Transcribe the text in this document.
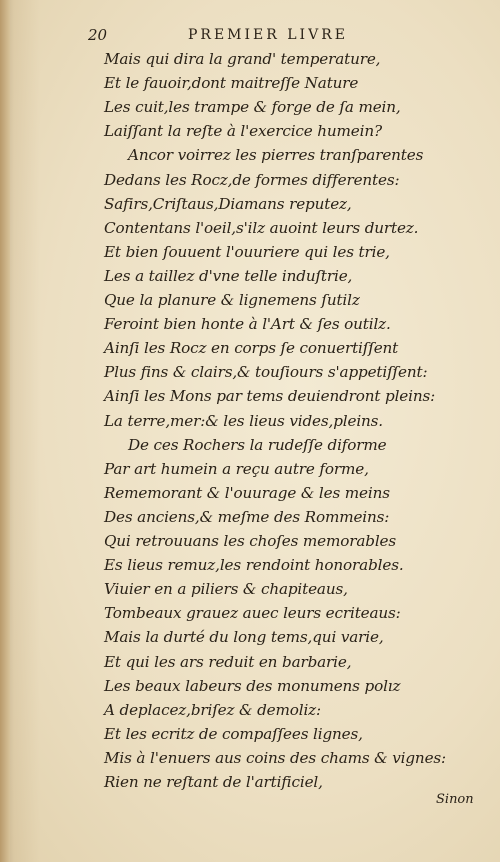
20	PREMIER LIVRE
Mais qui dira la grand' temperature,
Et le fauoir,dont maitreſſe Nature
Les cuit,les trampe & forge de ſa mein,
Laiſſant la reſte à l'exercice humein?
Ancor voirrez les pierres tranſparentes
Dedans les Rocz,de formes differentes:
Safirs,Criſtaus,Diamans reputez,
Contentans l'oeil,s'ilz auoint leurs durtez.
Et bien ſouuent l'ouuriere qui les trie,
Les a taillez d'vne telle induſtrie,
Que la planure & lignemens ſutilz
Feroint bien honte à l'Art & ſes outilz.
Ainſi les Rocz en corps ſe conuertiſſent
Plus fins & clairs,& touſiours s'appetiſſent:
Ainſi les Mons par tems deuiendront pleins:
La terre,mer:& les lieus vides,pleins.
De ces Rochers la rudeſſe diforme
Par art humein a reçu autre forme,
Rememorant & l'ouurage & les meins
Des anciens,& meſme des Rommeins:
Qui retrouuans les choſes memorables
Es lieus remuz,les rendoint honorables.
Viuier en a piliers & chapiteaus,
Tombeaux grauez auec leurs ecriteaus:
Mais la durté du long tems,qui varie,
Et qui les ars reduit en barbarie,
Les beaux labeurs des monumens polız
A deplacez,briſez & demoliz:
Et les ecritz de compaſſees lignes,
Mis à l'enuers aus coins des chams & vignes:
Rien ne reſtant de l'artificiel,
Sinon
